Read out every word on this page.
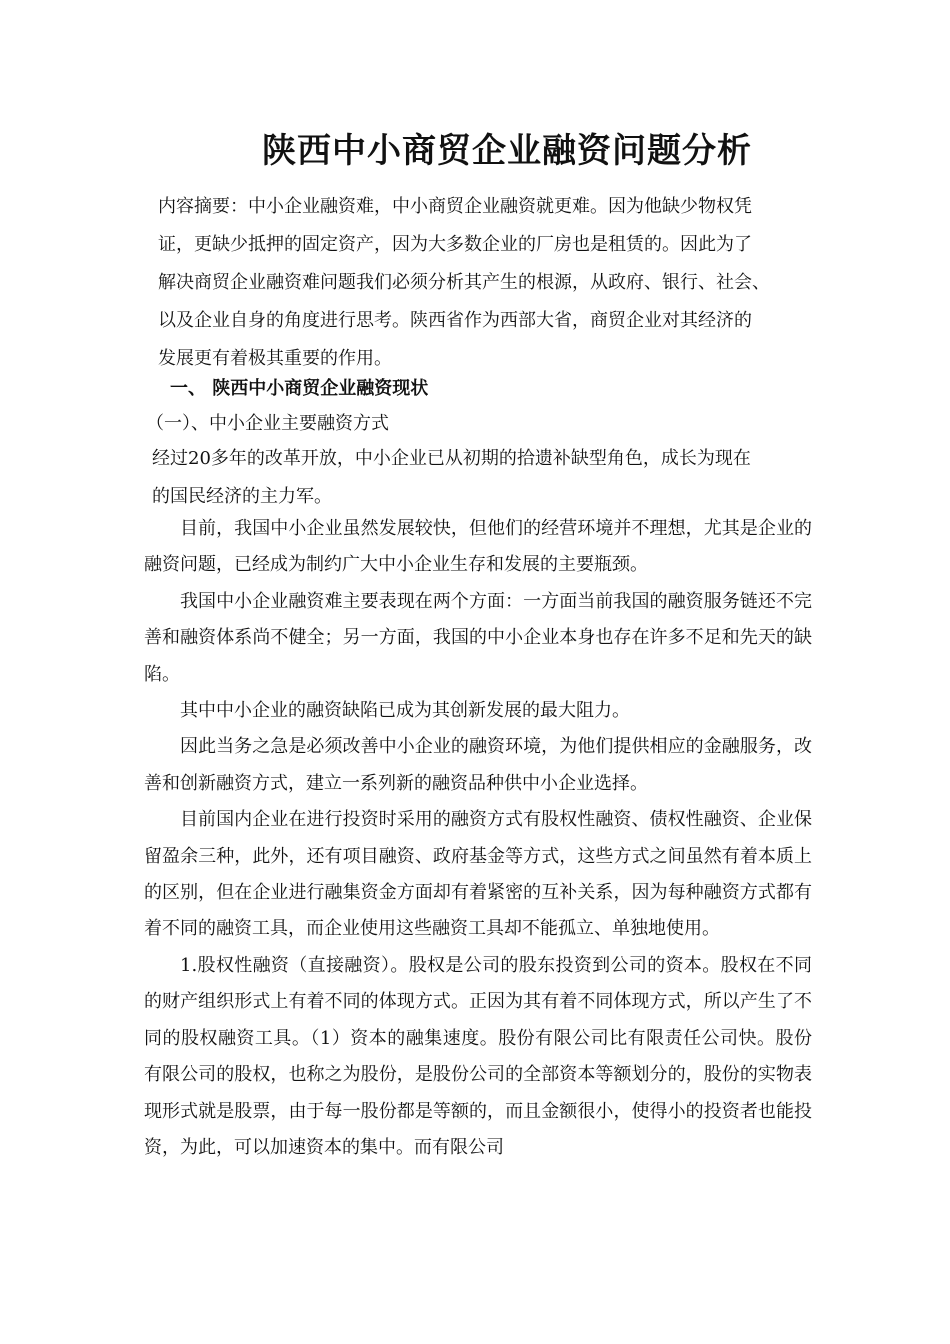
陕西中小商贸企业融资问题分析
内容摘要：中小企业融资难，中小商贸企业融资就更难。因为他缺少物权凭
证，更缺少抵押的固定资产，因为大多数企业的厂房也是租赁的。因此为了
解决商贸企业融资难问题我们必须分析其产生的根源，从政府、银行、社会、
以及企业自身的角度进行思考。陕西省作为西部大省，商贸企业对其经济的
发展更有着极其重要的作用。
一、 陕西中小商贸企业融资现状
（一）、中小企业主要融资方式
经过20多年的改革开放，中小企业已从初期的拾遗补缺型角色，成长为现在
的国民经济的主力军。

目前，我国中小企业虽然发展较快，但他们的经营环境并不理想，尤其是企业的融资问题，已经成为制约广大中小企业生存和发展的主要瓶颈。

我国中小企业融资难主要表现在两个方面：一方面当前我国的融资服务链还不完善和融资体系尚不健全；另一方面，我国的中小企业本身也存在许多不足和先天的缺陷。

其中中小企业的融资缺陷已成为其创新发展的最大阻力。

因此当务之急是必须改善中小企业的融资环境，为他们提供相应的金融服务，改善和创新融资方式，建立一系列新的融资品种供中小企业选择。

目前国内企业在进行投资时采用的融资方式有股权性融资、债权性融资、企业保留盈余三种，此外，还有项目融资、政府基金等方式，这些方式之间虽然有着本质上的区别，但在企业进行融集资金方面却有着紧密的互补关系，因为每种融资方式都有着不同的融资工具，而企业使用这些融资工具却不能孤立、单独地使用。

1.股权性融资（直接融资）。股权是公司的股东投资到公司的资本。股权在不同的财产组织形式上有着不同的体现方式。正因为其有着不同体现方式，所以产生了不同的股权融资工具。（1）资本的融集速度。股份有限公司比有限责任公司快。股份有限公司的股权，也称之为股份，是股份公司的全部资本等额划分的，股份的实物表现形式就是股票，由于每一股份都是等额的，而且金额很小，使得小的投资者也能投资，为此，可以加速资本的集中。而有限公司
